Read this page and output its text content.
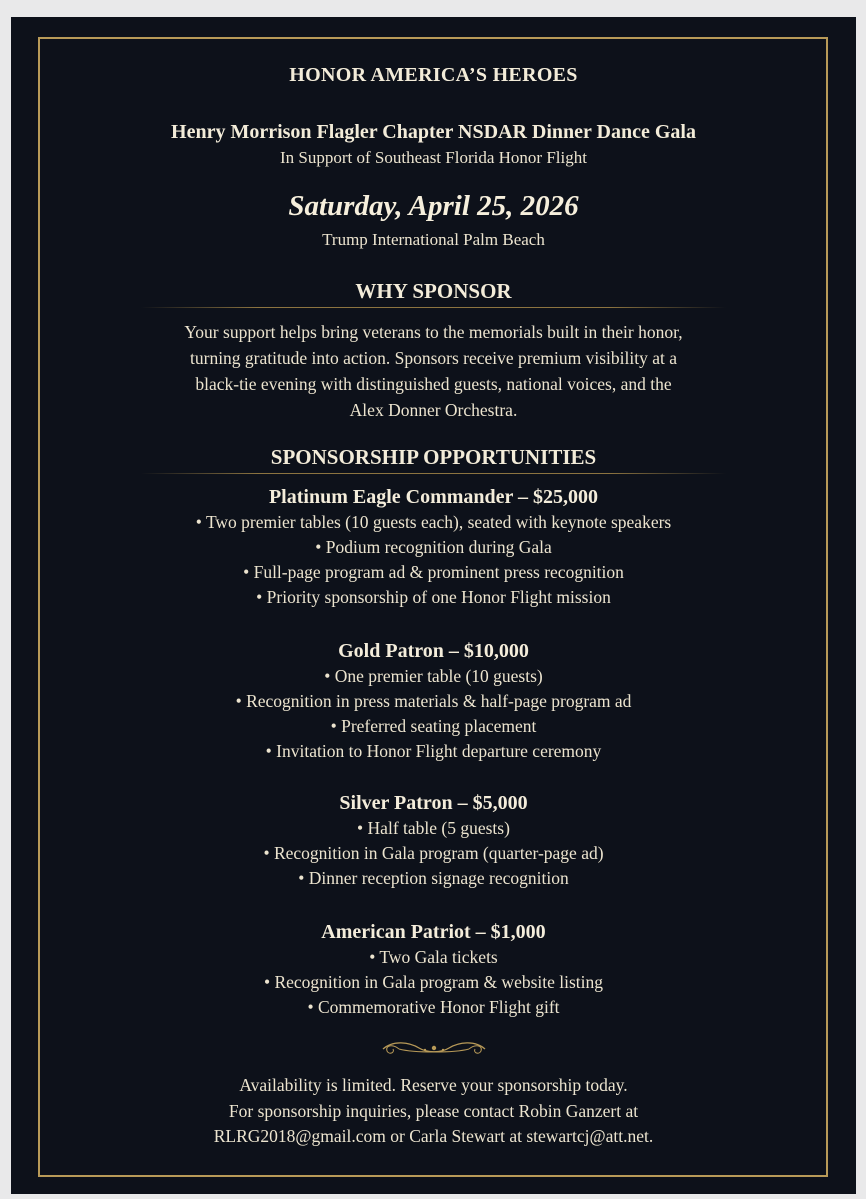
HONOR AMERICA’S HEROES
Henry Morrison Flagler Chapter NSDAR Dinner Dance Gala
In Support of Southeast Florida Honor Flight
Saturday, April 25, 2026
Trump International Palm Beach
WHY SPONSOR
Your support helps bring veterans to the memorials built in their honor,
turning gratitude into action. Sponsors receive premium visibility at a
black-tie evening with distinguished guests, national voices, and the
Alex Donner Orchestra.
SPONSORSHIP OPPORTUNITIES
Platinum Eagle Commander – $25,000
• Two premier tables (10 guests each), seated with keynote speakers
• Podium recognition during Gala
• Full-page program ad & prominent press recognition
• Priority sponsorship of one Honor Flight mission
Gold Patron – $10,000
• One premier table (10 guests)
• Recognition in press materials & half-page program ad
• Preferred seating placement
• Invitation to Honor Flight departure ceremony
Silver Patron – $5,000
• Half table (5 guests)
• Recognition in Gala program (quarter-page ad)
• Dinner reception signage recognition
American Patriot – $1,000
• Two Gala tickets
• Recognition in Gala program & website listing
• Commemorative Honor Flight gift
Availability is limited. Reserve your sponsorship today.
For sponsorship inquiries, please contact Robin Ganzert at
RLRG2018@gmail.com or Carla Stewart at stewartcj@att.net.
